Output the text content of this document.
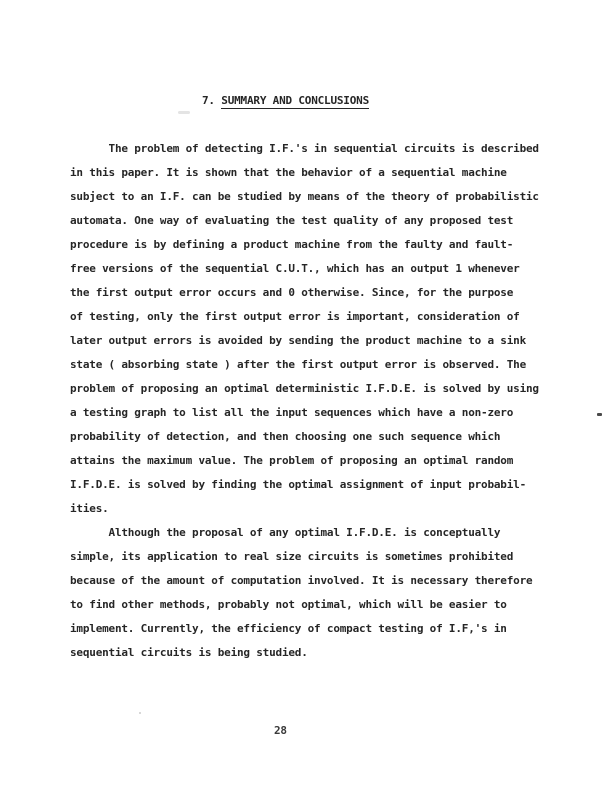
7. SUMMARY AND CONCLUSIONS
The problem of detecting I.F.'s in sequential circuits is described
in this paper. It is shown that the behavior of a sequential machine
subject to an I.F. can be studied by means of the theory of probabilistic
automata. One way of evaluating the test quality of any proposed test
procedure is by defining a product machine from the faulty and fault-
free versions of the sequential C.U.T., which has an output 1 whenever
the first output error occurs and 0 otherwise. Since, for the purpose
of testing, only the first output error is important, consideration of
later output errors is avoided by sending the product machine to a sink
state ( absorbing state ) after the first output error is observed. The
problem of proposing an optimal deterministic I.F.D.E. is solved by using
a testing graph to list all the input sequences which have a non-zero
probability of detection, and then choosing one such sequence which
attains the maximum value. The problem of proposing an optimal random
I.F.D.E. is solved by finding the optimal assignment of input probabil-
ities.
Although the proposal of any optimal I.F.D.E. is conceptually
simple, its application to real size circuits is sometimes prohibited
because of the amount of computation involved. It is necessary therefore
to find other methods, probably not optimal, which will be easier to
implement. Currently, the efficiency of compact testing of I.F,'s in
sequential circuits is being studied.
28
